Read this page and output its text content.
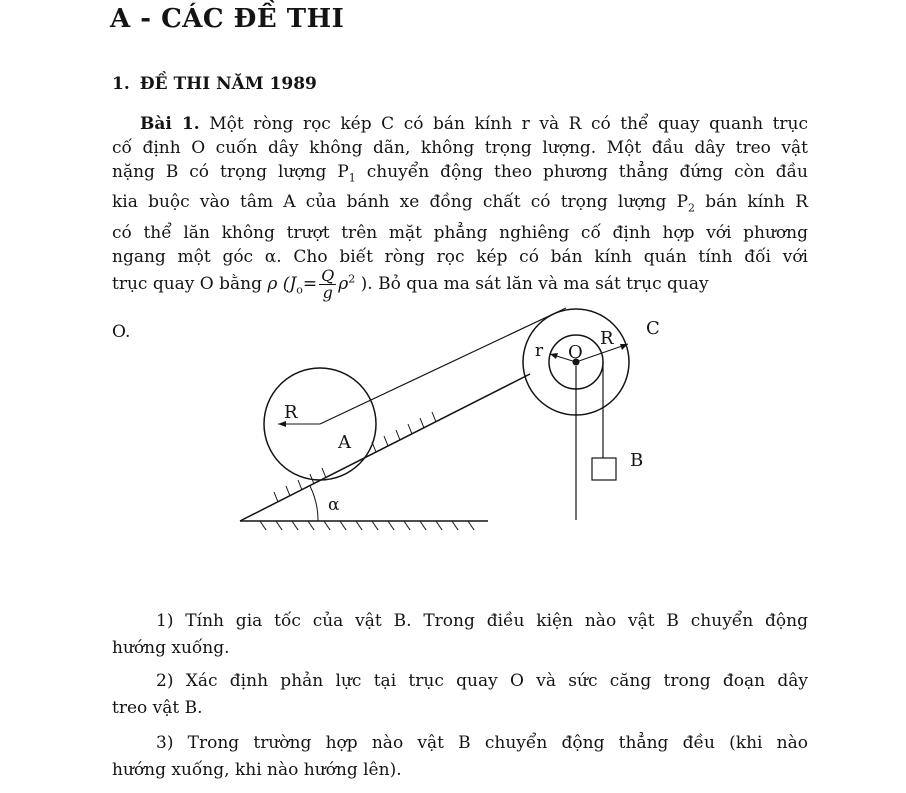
A - CÁC ĐỀ THI
1. ĐỀ THI NĂM 1989
Bài 1. Một ròng rọc kép C có bán kính r và R có thể quay quanh trục
cố định O cuốn dây không dãn, không trọng lượng. Một đầu dây treo vật
nặng B có trọng lượng $P_1$ chuyển động theo phương thẳng đứng còn đầu
kia buộc vào tâm A của bánh xe đồng chất có trọng lượng $P_2$ bán kính R
có thể lăn không trượt trên mặt phẳng nghiêng cố định hợp với phương
ngang một góc α. Cho biết ròng rọc kép có bán kính quán tính đối với
trục quay O bằng ρ ($J_o= \frac{Q}{g} \rho^2$ ). Bỏ qua ma sát lăn và ma sát trục quay
O.
α
R
A
r O
R C
B
1) Tính gia tốc của vật B. Trong điều kiện nào vật B chuyển động
hướng xuống.
2) Xác định phản lực tại trục quay O và sức căng trong đoạn dây
treo vật B.
3) Trong trường hợp nào vật B chuyển động thẳng đều (khi nào
hướng xuống, khi nào hướng lên).
